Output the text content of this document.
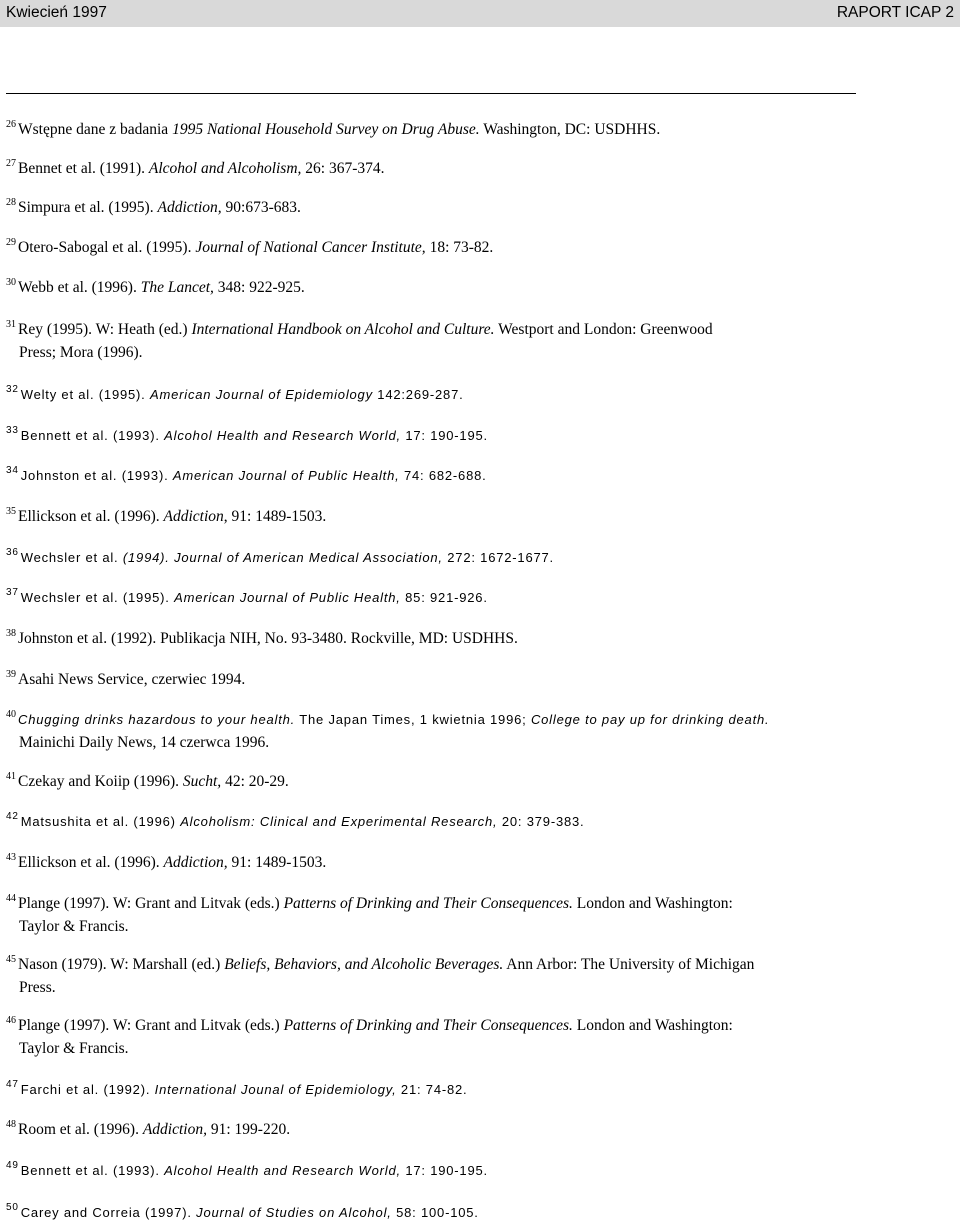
Kwiecień 1997	RAPORT ICAP 2
$^{26}$ Wstępne dane z badania 1995 National Household Survey on Drug Abuse. Washington, DC: USDHHS.
$^{27}$ Bennet et al. (1991). Alcohol and Alcoholism, 26: 367-374.
$^{28}$ Simpura et al. (1995). Addiction, 90:673-683.
$^{29}$ Otero-Sabogal et al. (1995). Journal of National Cancer Institute, 18: 73-82.
$^{30}$ Webb et al. (1996). The Lancet, 348: 922-925.
$^{31}$ Rey (1995). W: Heath (ed.) International Handbook on Alcohol and Culture. Westport and London: Greenwood
Press; Mora (1996).
$^{32}$ Welty et al. (1995). American Journal of Epidemiology 142:269-287.
$^{33}$ Bennett et al. (1993). Alcohol Health and Research World, 17: 190-195.
$^{34}$ Johnston et al. (1993). American Journal of Public Health, 74: 682-688.
$^{35}$ Ellickson et al. (1996). Addiction, 91: 1489-1503.
$^{36}$ Wechsler et al. (1994). Journal of American Medical Association, 272: 1672-1677.
$^{37}$ Wechsler et al. (1995). American Journal of Public Health, 85: 921-926.
$^{38}$ Johnston et al. (1992). Publikacja NIH, No. 93-3480. Rockville, MD: USDHHS.
$^{39}$ Asahi News Service, czerwiec 1994.
$^{40}$ Chugging drinks hazardous to your health. The Japan Times, 1 kwietnia 1996; College to pay up for drinking death.
Mainichi Daily News, 14 czerwca 1996.
$^{41}$ Czekay and Koiip (1996). Sucht, 42: 20-29.
$^{42}$ Matsushita et al. (1996) Alcoholism: Clinical and Experimental Research, 20: 379-383.
$^{43}$ Ellickson et al. (1996). Addiction, 91: 1489-1503.
$^{44}$ Plange (1997). W: Grant and Litvak (eds.) Patterns of Drinking and Their Consequences. London and Washington:
Taylor & Francis.
$^{45}$ Nason (1979). W: Marshall (ed.) Beliefs, Behaviors, and Alcoholic Beverages. Ann Arbor: The University of Michigan
Press.
$^{46}$ Plange (1997). W: Grant and Litvak (eds.) Patterns of Drinking and Their Consequences. London and Washington:
Taylor & Francis.
$^{47}$ Farchi et al. (1992). International Jounal of Epidemiology, 21: 74-82.
$^{48}$ Room et al. (1996). Addiction, 91: 199-220.
$^{49}$ Bennett et al. (1993). Alcohol Health and Research World, 17: 190-195.
$^{50}$ Carey and Correia (1997). Journal of Studies on Alcohol, 58: 100-105.
